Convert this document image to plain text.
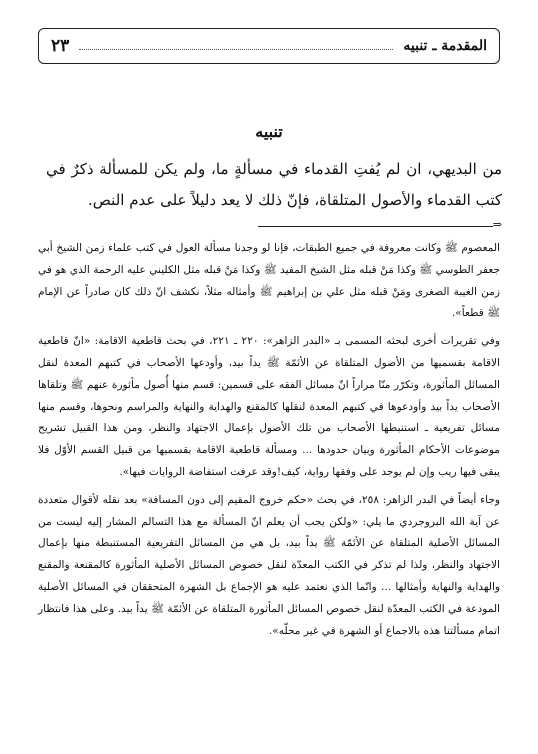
المقدمة ـ تنبيه
٢٣
تنبيه

من البديهي، ان لم يُفتِ القدماء في مسألةٍ ما، ولم يكن للمسألة ذكرٌ في كتب القدماء والأصول المتلقاة، فإنّ ذلك لا يعد دليلاً على عدم النص.

⇒

المعصوم ﷺ وكانت معروفة في جميع الطبقات، فإنا لو وجدنا مسألة العول في كتب علماء زمن الشيخ أبي جعفر الطوسي ﷺ وكذا مَنْ قبله مثل الشيخ المفيد ﷺ وكذا مَنْ قبله مثل الكليني عليه الرحمة الذي هو في زمن الغيبة الصغرى ومَنْ قبله مثل علي بن إبراهيم ﷺ وأمثاله مثلاً، نكشف انّ ذلك كان صادراً عن الإمام ﷺ قطعاً».

وفي تقريرات أخرى لبحثه المسمى بـ «البدر الزاهر»: ٢٢٠ ـ ٢٢١، في بحث قاطعية الاقامة: «انّ قاطعية الاقامة بقسميها من الأصول المتلقاة عن الأئمّة ﷺ يداً بيد، وأودعها الأصحاب في كتبهم المعدة لنقل المسائل المأثورة، وتكرّر منّا مراراً انّ مسائل الفقه على قسمين: قسم منها أُصول مأثورة عنهم ﷺ وتلقاها الأصحاب يداً بيد وأودعوها في كتبهم المعدة لنقلها كالمقنع والهداية والنهاية والمراسم ونحوها، وقسم منها مسائل تفريعية ـ استنبطها الأصحاب من تلك الأصول بإعمال الاجتهاد والنظر، ومن هذا القبيل تشريح موضوعات الأحكام المأثورة وبيان حدودها ... ومسألة قاطعية الاقامة بقسميها من قبيل القسم الأوّل فلا يبقى فيها ريب وإن لم يوجد على وفقها رواية، كيف!وقد عرفت استفاضة الروايات فيها».

وجاء أيضاً في البدر الزاهر: ٢٥٨، في بحث «حكم خروج المقيم إلى دون المسافة» بعد نقله لأقوال متعددة عن آية الله البروجردي ما يلي: «ولكن يجب أن يعلم انّ المسألة مع هذا التسالم المشار إليه ليست من المسائل الأصلية المتلقاة عن الأئمّة ﷺ يداً بيد، بل هي من المسائل التفريعية المستنبطة منها بإعمال الاجتهاد والنظر، ولذا لم تذكر في الكتب المعدّة لنقل خصوص المسائل الأصلية المأثورة كالمقنعة والمقنع والهداية والنهاية وأمثالها ... وانّما الذي نعتمد عليه هو الإجماع بل الشهرة المتحققان في المسائل الأصلية المودعة في الكتب المعدّة لنقل خصوص المسائل المأثورة المتلقاة عن الأئمّة ﷺ يداً بيد. وعلى هذا فانتظار اتمام مسألتنا هذه بالاجماع أو الشهرة في غير محلّه».
